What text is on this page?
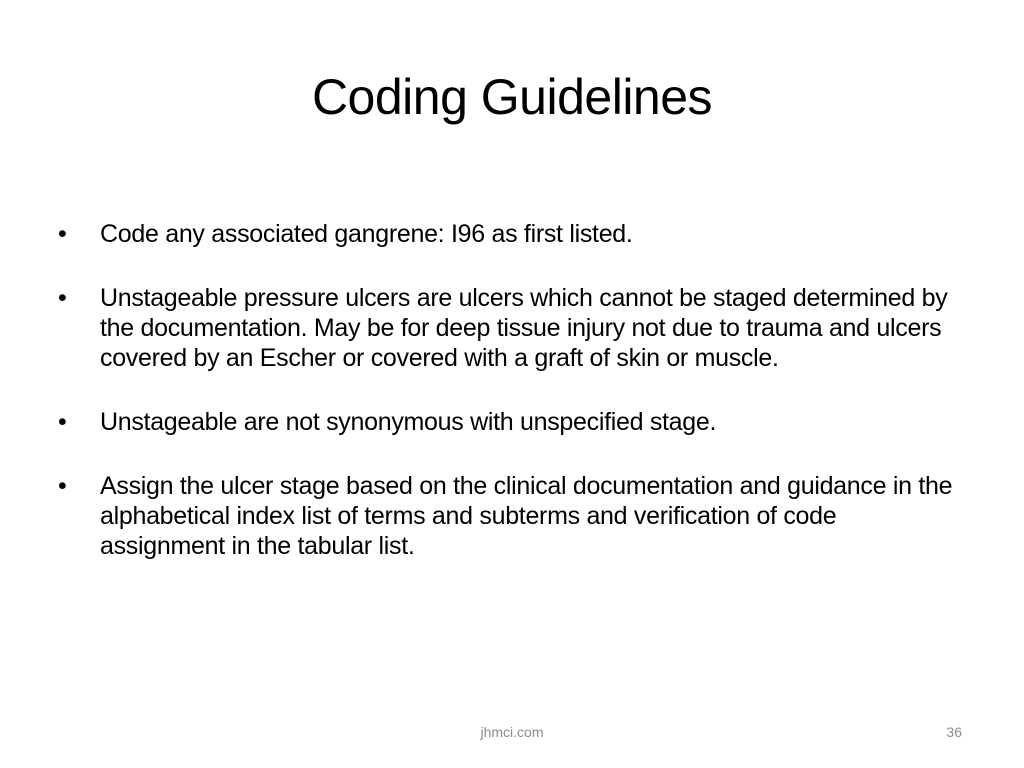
Coding Guidelines
•	Code any associated gangrene: I96 as first listed.
•	Unstageable pressure ulcers are ulcers which cannot be staged determined by the documentation. May be for deep tissue injury not due to trauma and ulcers covered by an Escher or covered with a graft of skin or muscle.
•	Unstageable are not synonymous with unspecified stage.
•	Assign the ulcer stage based on the clinical documentation and guidance in the alphabetical index list of terms and subterms and verification of code assignment in the tabular list.
jhmci.com	36
